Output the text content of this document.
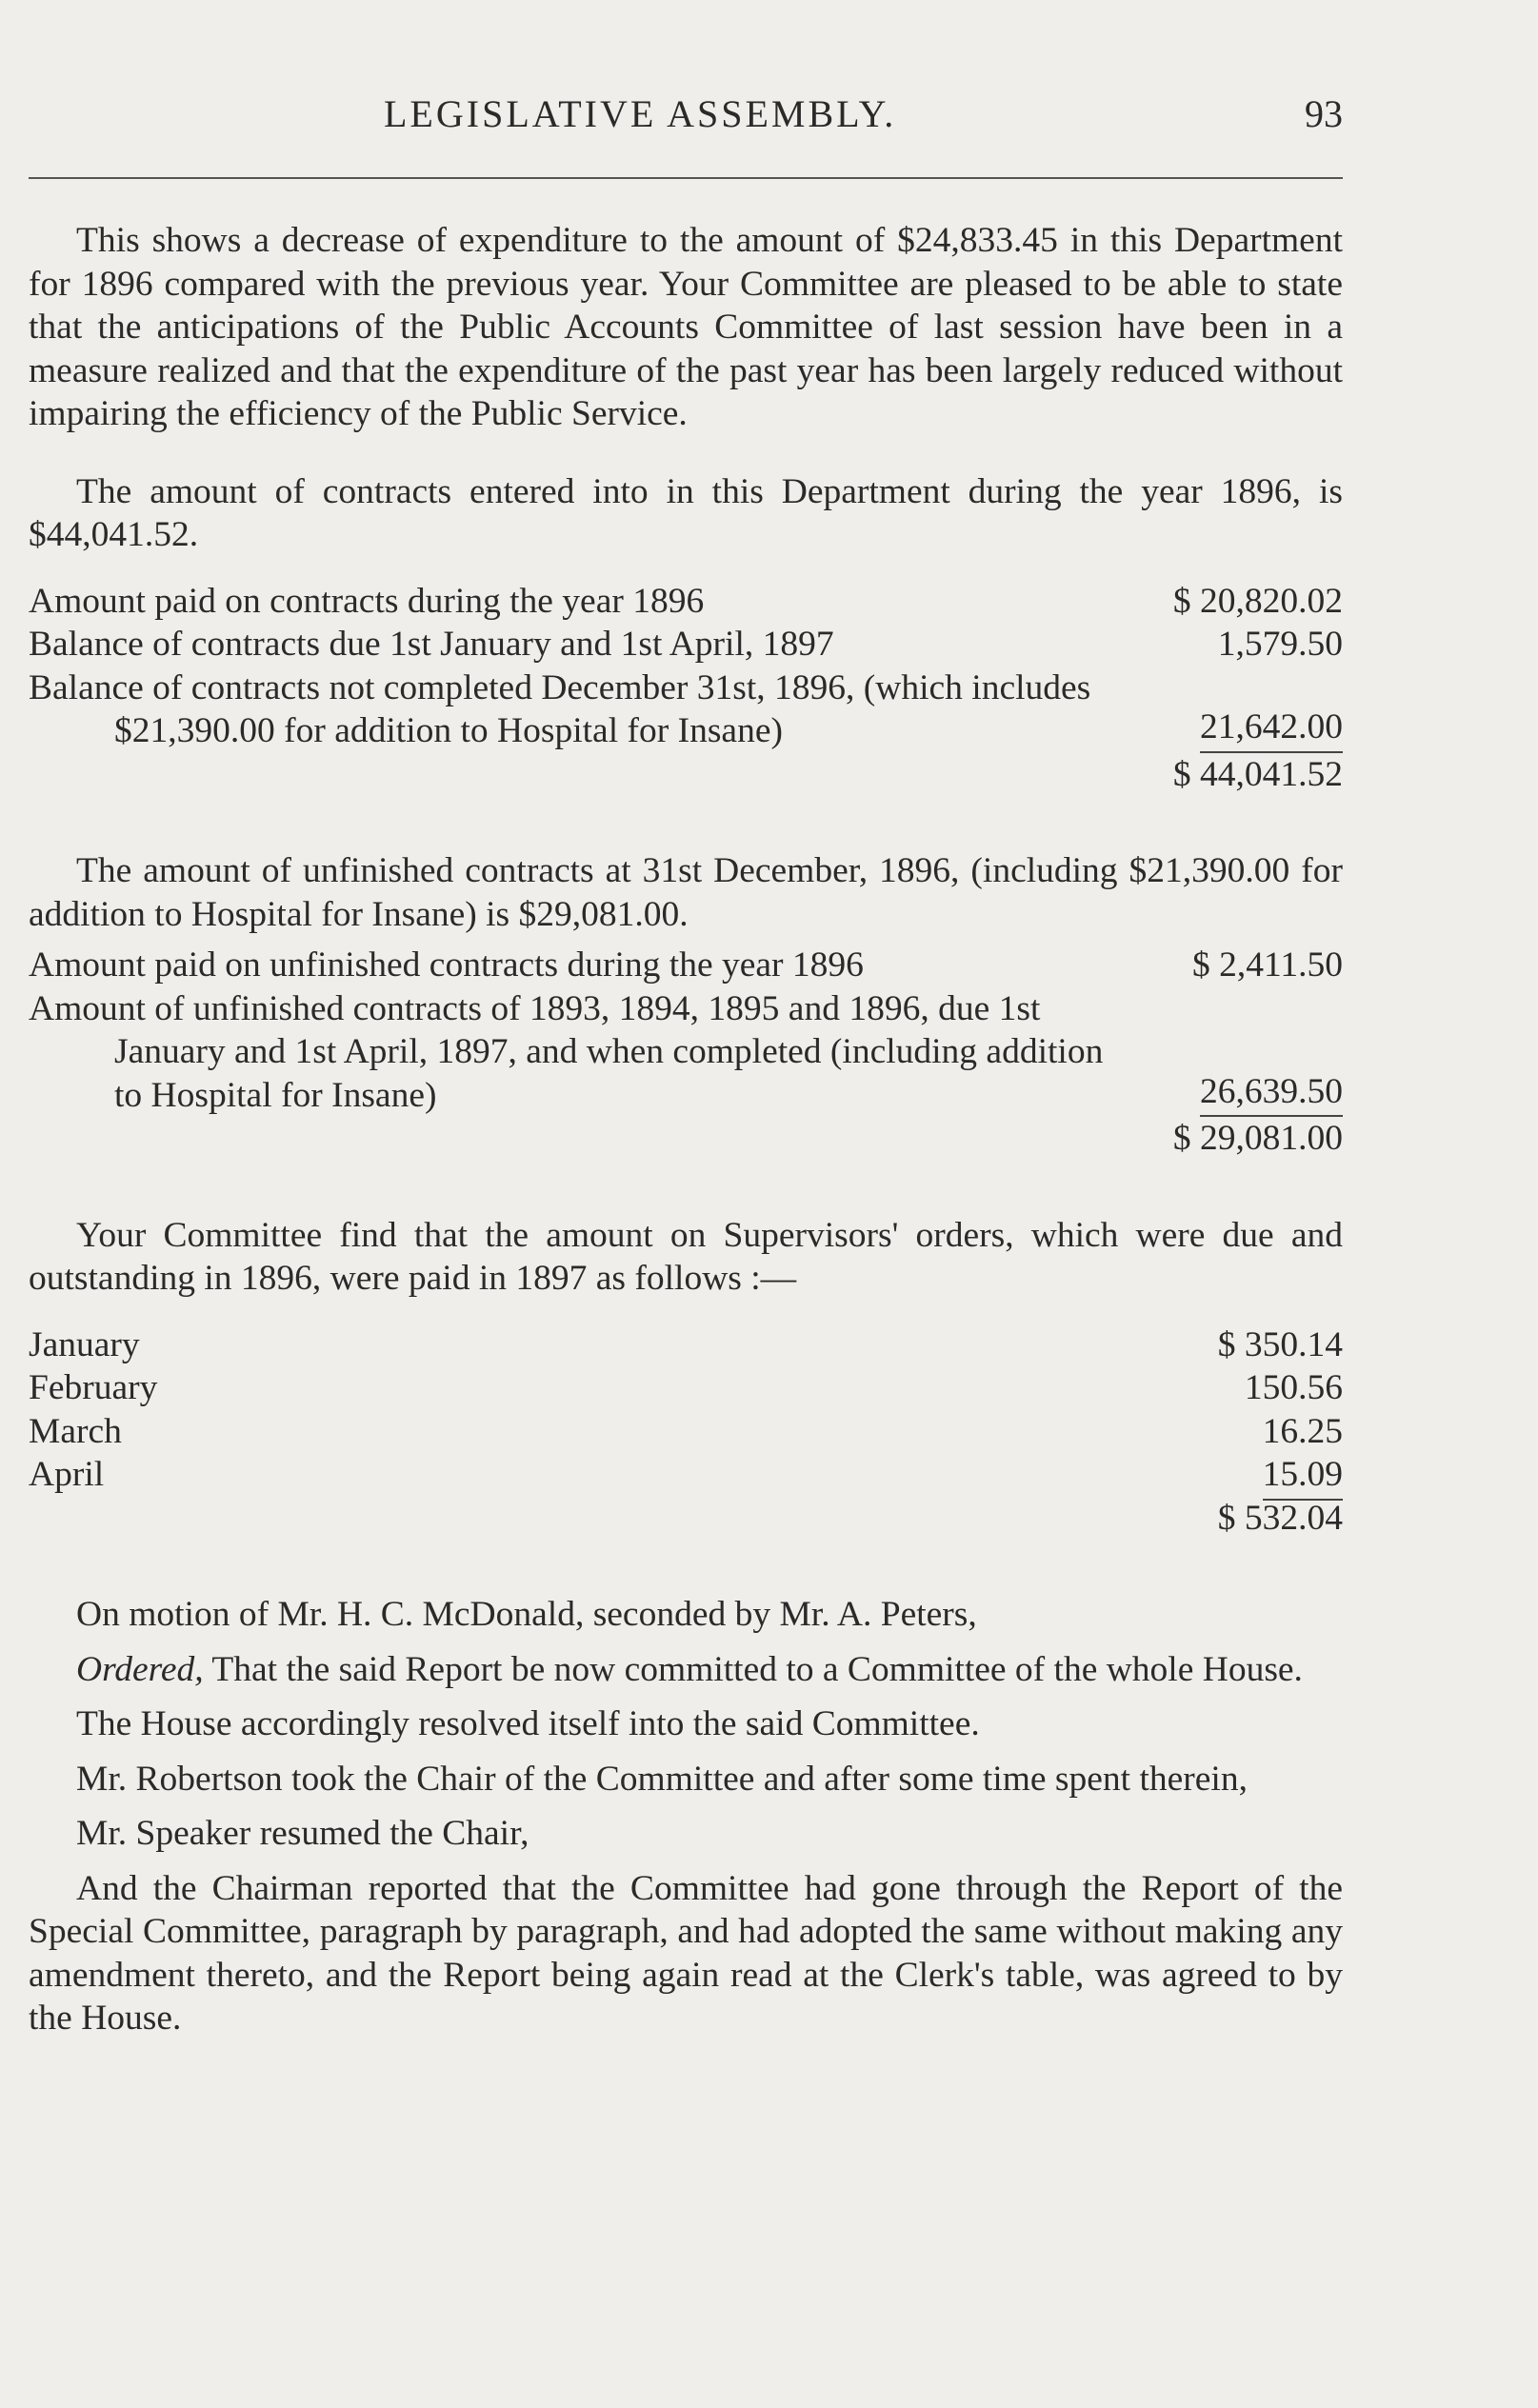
LEGISLATIVE ASSEMBLY.	93

This shows a decrease of expenditure to the amount of $24,833.45 in this Department for 1896 compared with the previous year. Your Committee are pleased to be able to state that the anticipations of the Public Accounts Committee of last session have been in a measure realized and that the expenditure of the past year has been largely reduced without impairing the efficiency of the Public Service.

The amount of contracts entered into in this Department during the year 1896, is $44,041.52.

Amount paid on contracts during the year 1896	$ 20,820.02
Balance of contracts due 1st January and 1st April, 1897	1,579.50
Balance of contracts not completed December 31st, 1896, (which includes $21,390.00 for addition to Hospital for Insane)	21,642.00
$ 44,041.52

The amount of unfinished contracts at 31st December, 1896, (including $21,390.00 for addition to Hospital for Insane) is $29,081.00.

Amount paid on unfinished contracts during the year 1896	$ 2,411.50
Amount of unfinished contracts of 1893, 1894, 1895 and 1896, due 1st January and 1st April, 1897, and when completed (including addition to Hospital for Insane)	26,639.50
$ 29,081.00

Your Committee find that the amount on Supervisors' orders, which were due and outstanding in 1896, were paid in 1897 as follows :—

January	$ 350.14
February	150.56
March	16.25
April	15.09
$ 532.04

On motion of Mr. H. C. McDonald, seconded by Mr. A. Peters,

Ordered, That the said Report be now committed to a Committee of the whole House.

The House accordingly resolved itself into the said Committee.

Mr. Robertson took the Chair of the Committee and after some time spent therein,

Mr. Speaker resumed the Chair,

And the Chairman reported that the Committee had gone through the Report of the Special Committee, paragraph by paragraph, and had adopted the same without making any amendment thereto, and the Report being again read at the Clerk's table, was agreed to by the House.
